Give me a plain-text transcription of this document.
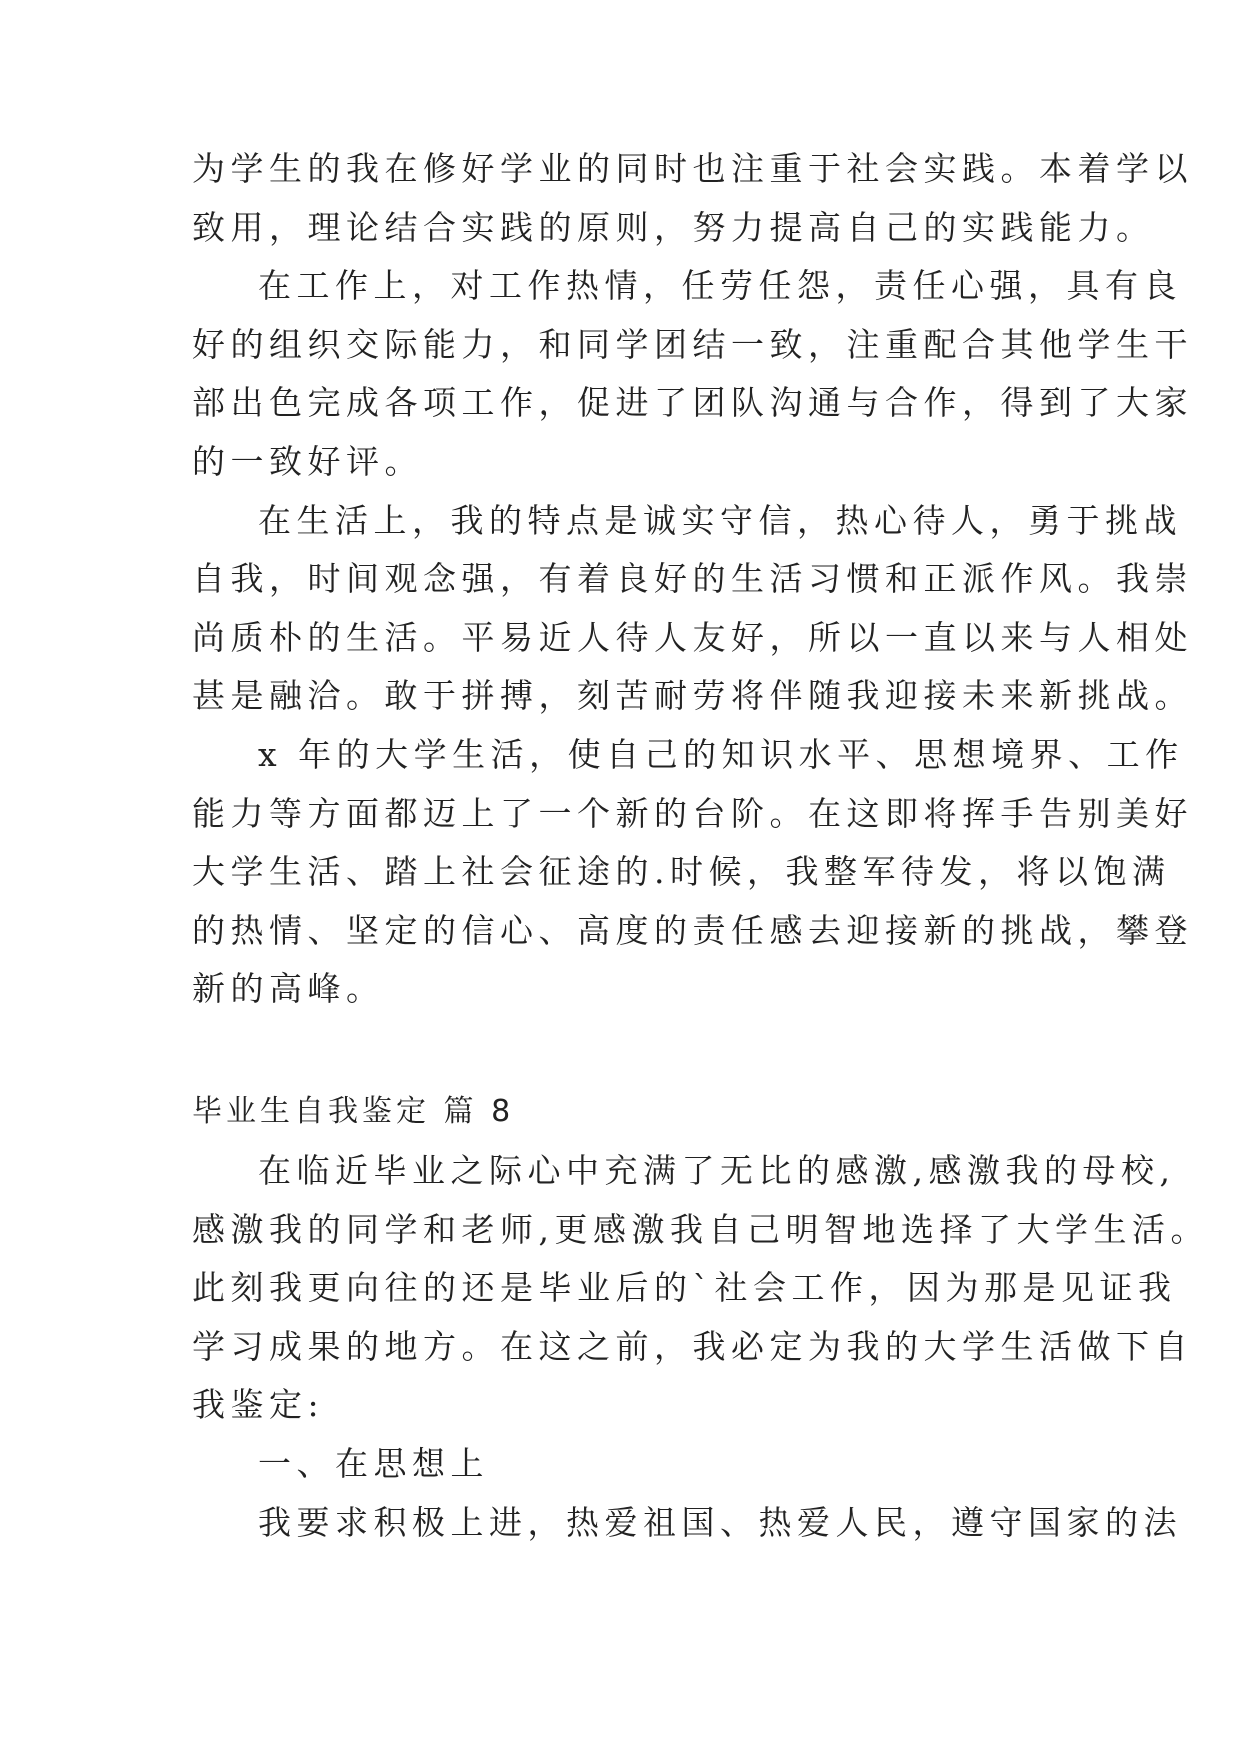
为学生的我在修好学业的同时也注重于社会实践。本着学以
致用，理论结合实践的原则，努力提高自己的实践能力。
在工作上，对工作热情，任劳任怨，责任心强，具有良
好的组织交际能力，和同学团结一致，注重配合其他学生干
部出色完成各项工作，促进了团队沟通与合作，得到了大家
的一致好评。
在生活上，我的特点是诚实守信，热心待人，勇于挑战
自我，时间观念强，有着良好的生活习惯和正派作风。我崇
尚质朴的生活。平易近人待人友好，所以一直以来与人相处
甚是融洽。敢于拼搏，刻苦耐劳将伴随我迎接未来新挑战。
x 年的大学生活，使自己的知识水平、思想境界、工作
能力等方面都迈上了一个新的台阶。在这即将挥手告别美好
大学生活、踏上社会征途的.时候，我整军待发，将以饱满
的热情、坚定的信心、高度的责任感去迎接新的挑战，攀登
新的高峰。
毕业生自我鉴定 篇 8
在临近毕业之际心中充满了无比的感激,感激我的母校,
感激我的同学和老师,更感激我自己明智地选择了大学生活。
此刻我更向往的还是毕业后的`社会工作，因为那是见证我
学习成果的地方。在这之前，我必定为我的大学生活做下自
我鉴定:
一、在思想上
我要求积极上进，热爱祖国、热爱人民，遵守国家的法
